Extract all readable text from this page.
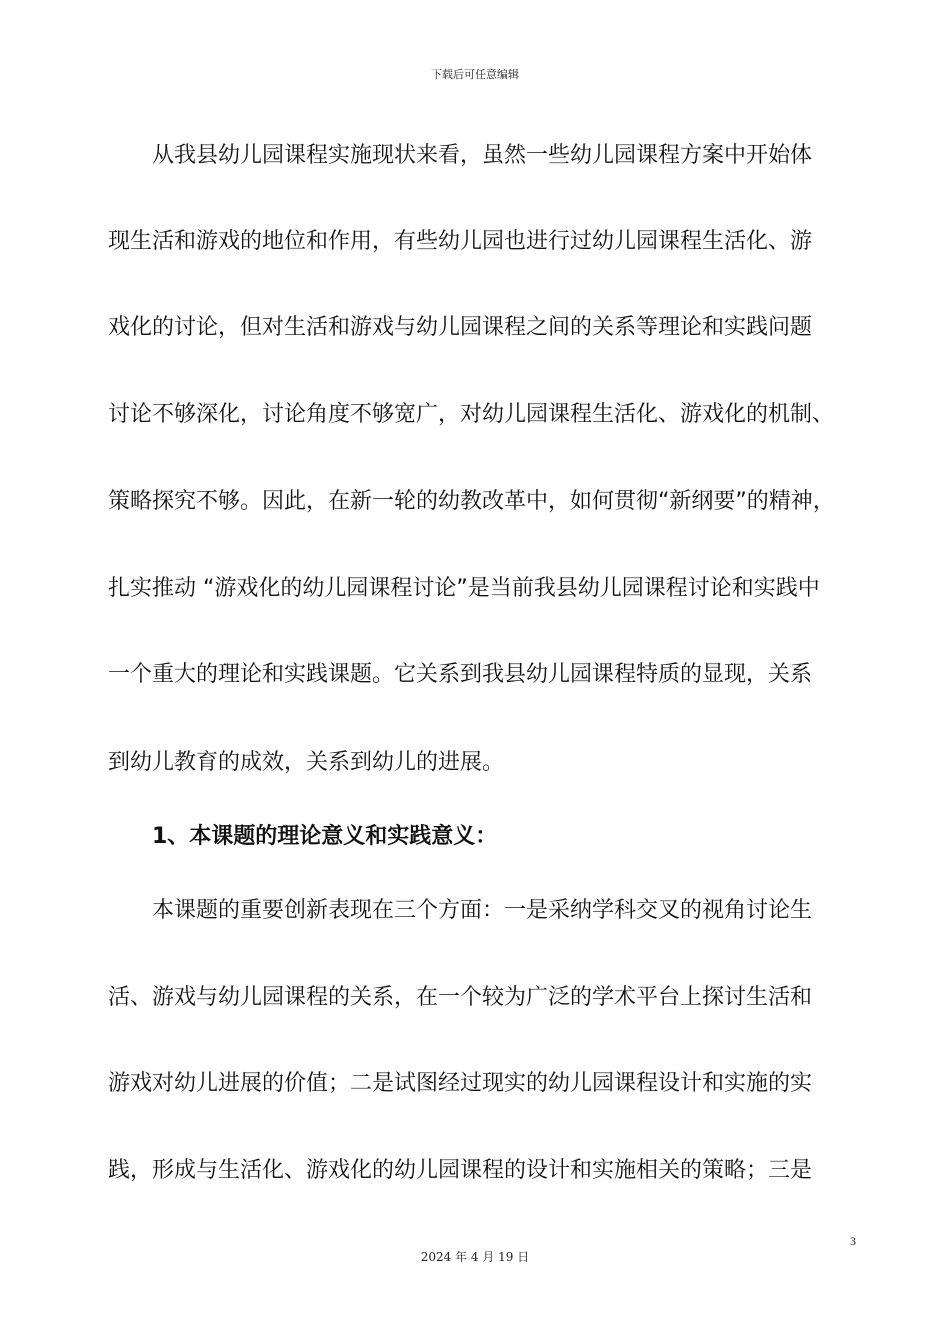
下载后可任意编辑
从我县幼儿园课程实施现状来看，虽然一些幼儿园课程方案中开始体
现生活和游戏的地位和作用，有些幼儿园也进行过幼儿园课程生活化、游
戏化的讨论，但对生活和游戏与幼儿园课程之间的关系等理论和实践问题
讨论不够深化，讨论角度不够宽广，对幼儿园课程生活化、游戏化的机制、
策略探究不够。因此，在新一轮的幼教改革中，如何贯彻“新纲要”的精神，
扎实推动 “游戏化的幼儿园课程讨论”是当前我县幼儿园课程讨论和实践中
一个重大的理论和实践课题。它关系到我县幼儿园课程特质的显现，关系
到幼儿教育的成效，关系到幼儿的进展。
1、本课题的理论意义和实践意义：
本课题的重要创新表现在三个方面：一是采纳学科交叉的视角讨论生
活、游戏与幼儿园课程的关系，在一个较为广泛的学术平台上探讨生活和
游戏对幼儿进展的价值；二是试图经过现实的幼儿园课程设计和实施的实
践，形成与生活化、游戏化的幼儿园课程的设计和实施相关的策略；三是
3
2024 年 4 月 19 日
